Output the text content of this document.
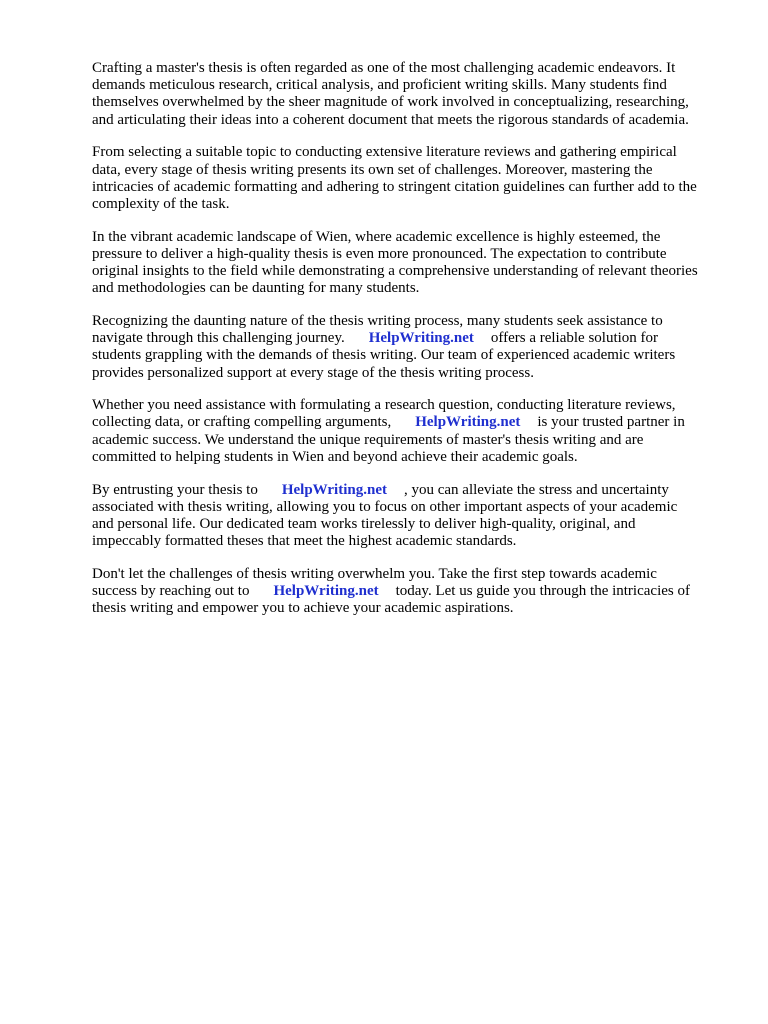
Crafting a master's thesis is often regarded as one of the most challenging academic endeavors. It
demands meticulous research, critical analysis, and proficient writing skills. Many students find
themselves overwhelmed by the sheer magnitude of work involved in conceptualizing, researching,
and articulating their ideas into a coherent document that meets the rigorous standards of academia.

From selecting a suitable topic to conducting extensive literature reviews and gathering empirical
data, every stage of thesis writing presents its own set of challenges. Moreover, mastering the
intricacies of academic formatting and adhering to stringent citation guidelines can further add to the
complexity of the task.

In the vibrant academic landscape of Wien, where academic excellence is highly esteemed, the
pressure to deliver a high-quality thesis is even more pronounced. The expectation to contribute
original insights to the field while demonstrating a comprehensive understanding of relevant theories
and methodologies can be daunting for many students.

Recognizing the daunting nature of the thesis writing process, many students seek assistance to
navigate through this challenging journey. HelpWriting.net offers a reliable solution for
students grappling with the demands of thesis writing. Our team of experienced academic writers
provides personalized support at every stage of the thesis writing process.

Whether you need assistance with formulating a research question, conducting literature reviews,
collecting data, or crafting compelling arguments, HelpWriting.net is your trusted partner in
academic success. We understand the unique requirements of master's thesis writing and are
committed to helping students in Wien and beyond achieve their academic goals.

By entrusting your thesis to HelpWriting.net , you can alleviate the stress and uncertainty
associated with thesis writing, allowing you to focus on other important aspects of your academic
and personal life. Our dedicated team works tirelessly to deliver high-quality, original, and
impeccably formatted theses that meet the highest academic standards.

Don't let the challenges of thesis writing overwhelm you. Take the first step towards academic
success by reaching out to HelpWriting.net today. Let us guide you through the intricacies of
thesis writing and empower you to achieve your academic aspirations.
